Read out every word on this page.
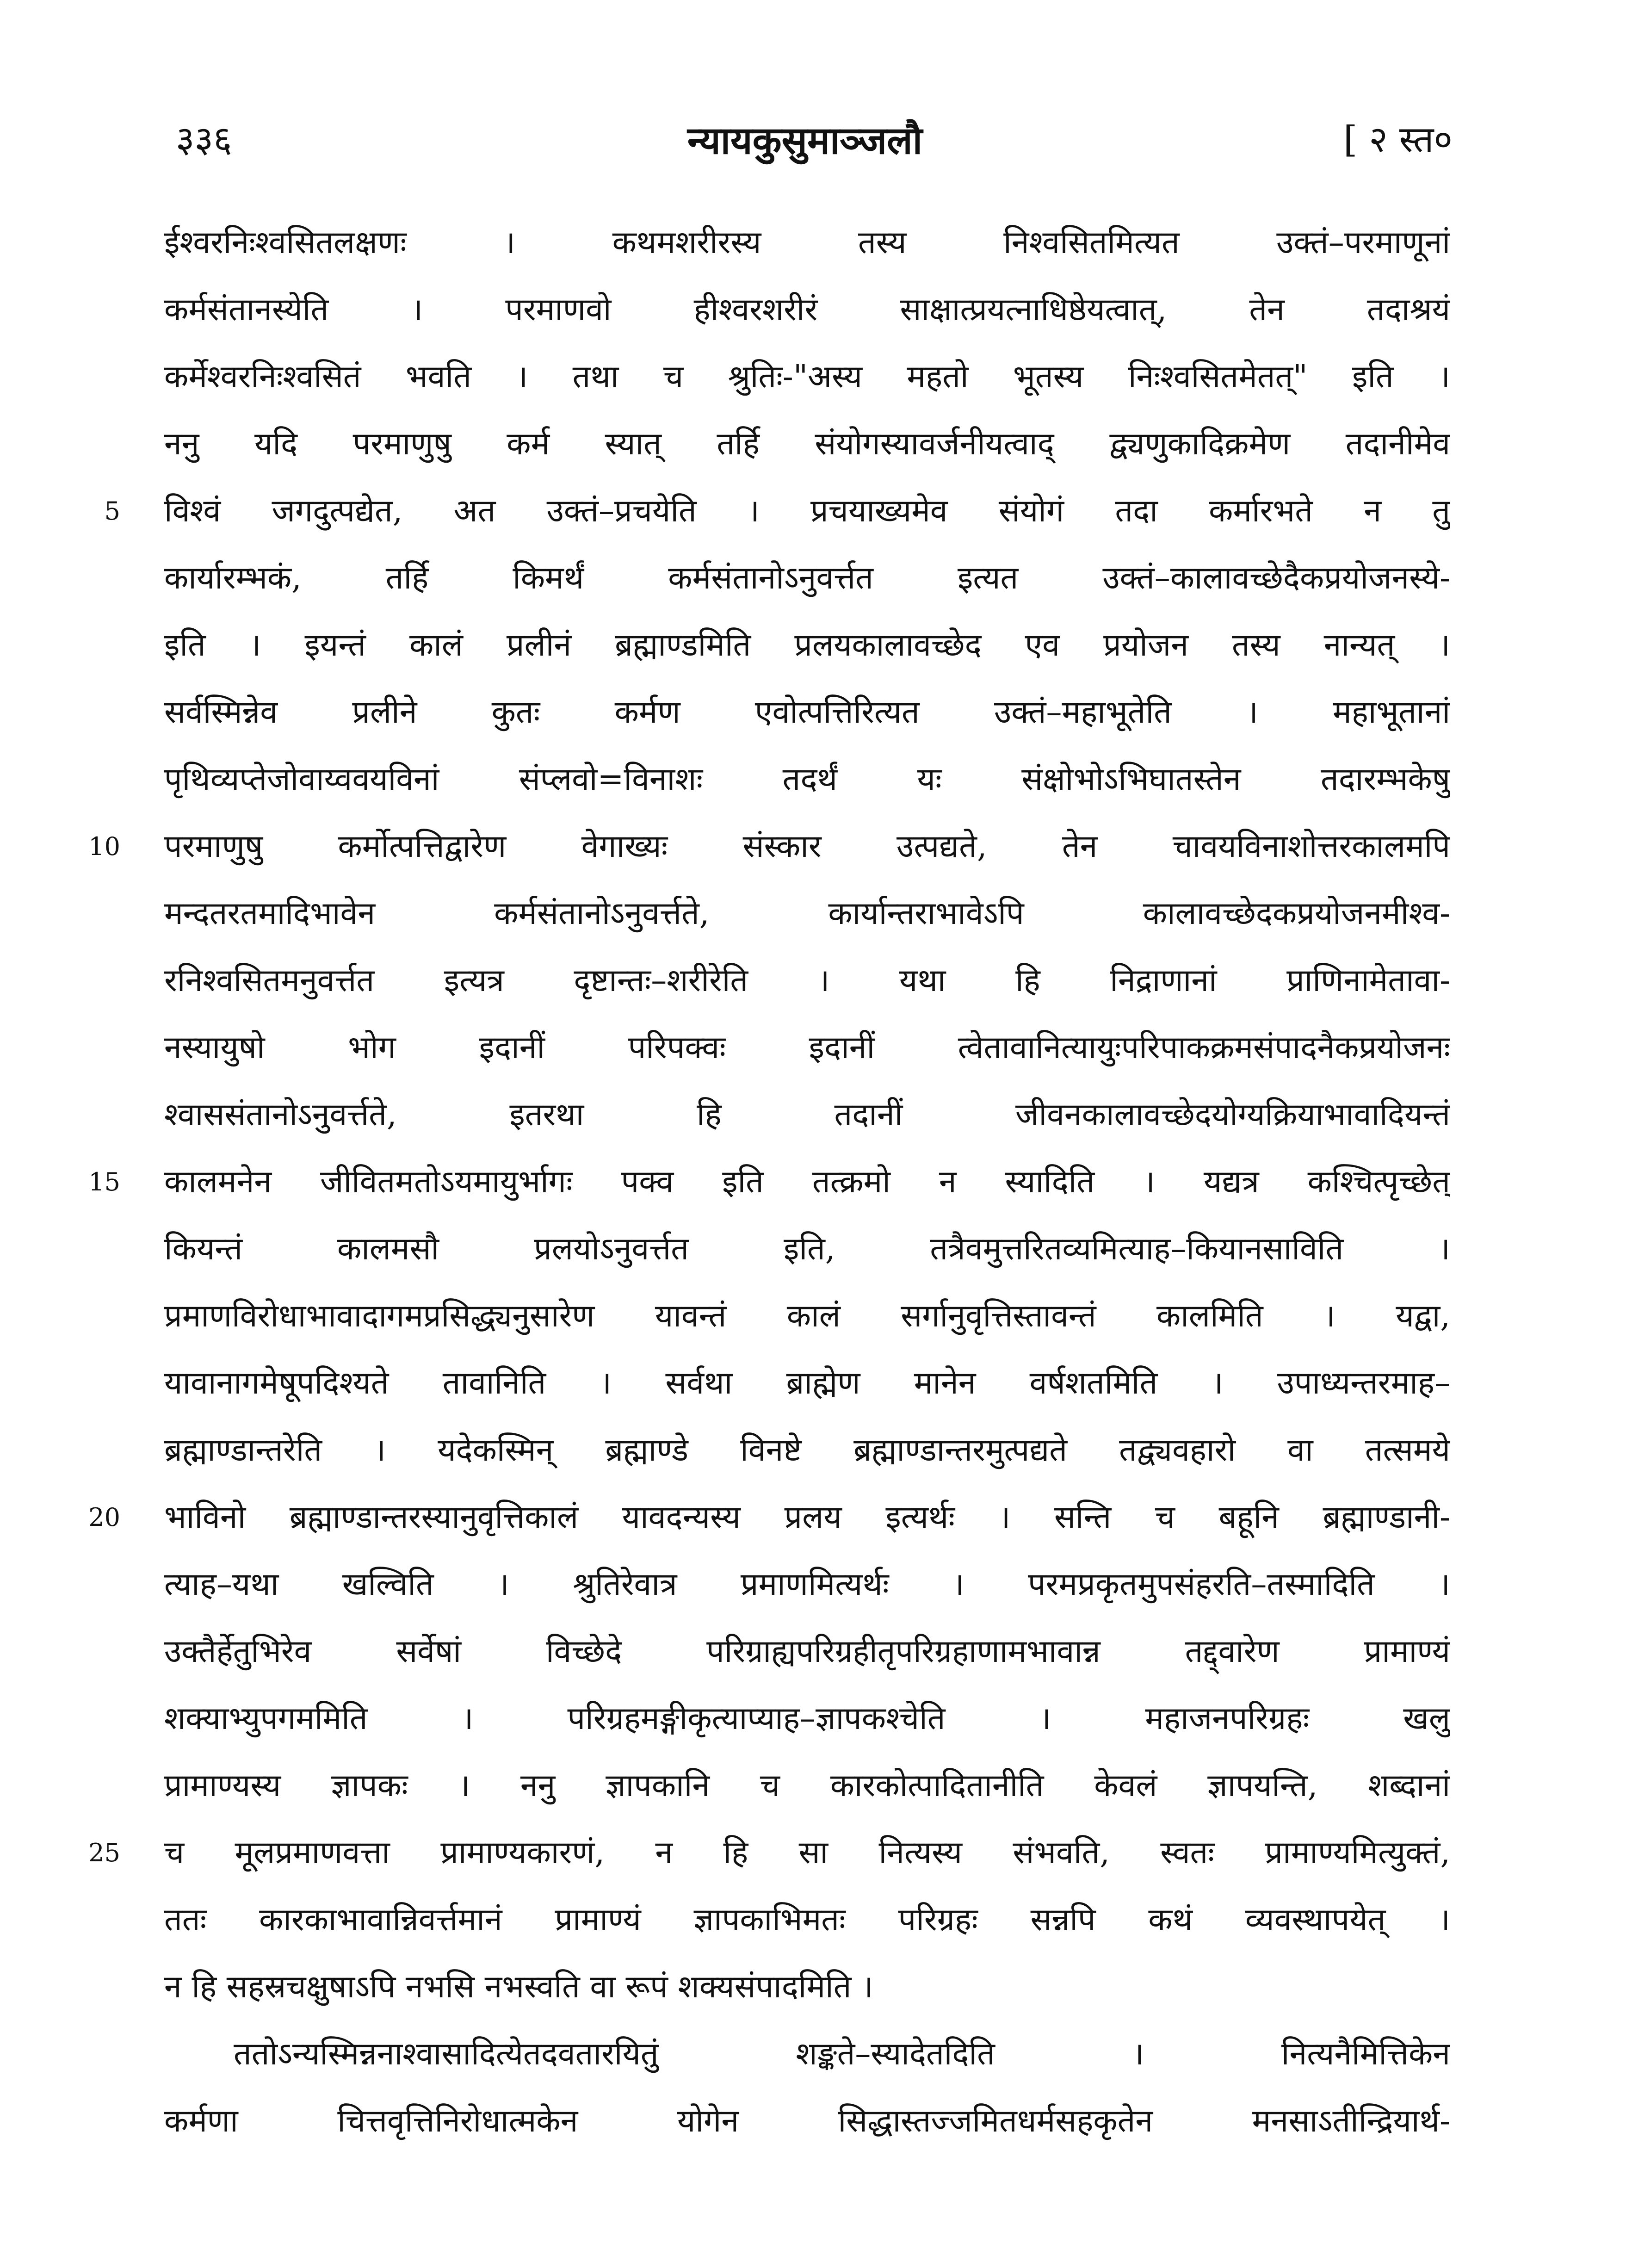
३३६	न्यायकुसुमाञ्जलौ	[ २ स्त०
ईश्वरनिःश्वसितलक्षणः । कथमशरीरस्य तस्य निश्वसितमित्यत उक्तं–परमाणूनां
कर्मसंतानस्येति । परमाणवो हीश्वरशरीरं साक्षात्प्रयत्नाधिष्ठेयत्वात्, तेन तदाश्रयं
कर्मेश्वरनिःश्वसितं भवति । तथा च श्रुतिः-"अस्य महतो भूतस्य निःश्वसितमेतत्" इति ।
ननु यदि परमाणुषु कर्म स्यात् तर्हि संयोगस्यावर्जनीयत्वाद् द्व्यणुकादिक्रमेण तदानीमेव
विश्वं जगदुत्पद्येत, अत उक्तं–प्रचयेति । प्रचयाख्यमेव संयोगं तदा कर्मारभते न तु
कार्यारम्भकं, तर्हि किमर्थं कर्मसंतानोऽनुवर्त्तत इत्यत उक्तं–कालावच्छेदैकप्रयोजनस्ये-
इति । इयन्तं कालं प्रलीनं ब्रह्माण्डमिति प्रलयकालावच्छेद एव प्रयोजन तस्य नान्यत् ।
सर्वस्मिन्नेव प्रलीने कुतः कर्मण एवोत्पत्तिरित्यत उक्तं–महाभूतेति । महाभूतानां
पृथिव्यप्तेजोवाय्ववयविनां संप्लवो=विनाशः तदर्थं यः संक्षोभोऽभिघातस्तेन तदारम्भकेषु
परमाणुषु कर्मोत्पत्तिद्वारेण वेगाख्यः संस्कार उत्पद्यते, तेन चावयविनाशोत्तरकालमपि
मन्दतरतमादिभावेन कर्मसंतानोऽनुवर्त्तते, कार्यान्तराभावेऽपि कालावच्छेदकप्रयोजनमीश्व-
रनिश्वसितमनुवर्त्तत इत्यत्र दृष्टान्तः–शरीरेति । यथा हि निद्राणानां प्राणिनामेतावा-
नस्यायुषो भोग इदानीं परिपक्वः इदानीं त्वेतावानित्यायुःपरिपाकक्रमसंपादनैकप्रयोजनः
श्वाससंतानोऽनुवर्त्तते, इतरथा हि तदानीं जीवनकालावच्छेदयोग्यक्रियाभावादियन्तं
कालमनेन जीवितमतोऽयमायुर्भागः पक्व इति तत्क्रमो न स्यादिति । यद्यत्र कश्चित्पृच्छेत्
कियन्तं कालमसौ प्रलयोऽनुवर्त्तत इति, तत्रैवमुत्तरितव्यमित्याह–कियानसाविति ।
प्रमाणविरोधाभावादागमप्रसिद्ध्यनुसारेण यावन्तं कालं सर्गानुवृत्तिस्तावन्तं कालमिति । यद्वा,
यावानागमेषूपदिश्यते तावानिति । सर्वथा ब्राह्मेण मानेन वर्षशतमिति । उपाध्यन्तरमाह–
ब्रह्माण्डान्तरेति । यदेकस्मिन् ब्रह्माण्डे विनष्टे ब्रह्माण्डान्तरमुत्पद्यते तद्व्यवहारो वा तत्समये
भाविनो ब्रह्माण्डान्तरस्यानुवृत्तिकालं यावदन्यस्य प्रलय इत्यर्थः । सन्ति च बहूनि ब्रह्माण्डानी-
त्याह–यथा खल्विति । श्रुतिरेवात्र प्रमाणमित्यर्थः । परमप्रकृतमुपसंहरति–तस्मादिति ।
उक्तैर्हेतुभिरेव सर्वेषां विच्छेदे परिग्राह्यपरिग्रहीतृपरिग्रहाणामभावान्न तद्द्वारेण प्रामाण्यं
शक्याभ्युपगममिति । परिग्रहमङ्गीकृत्याप्याह–ज्ञापकश्चेति । महाजनपरिग्रहः खलु
प्रामाण्यस्य ज्ञापकः । ननु ज्ञापकानि च कारकोत्पादितानीति केवलं ज्ञापयन्ति, शब्दानां
च मूलप्रमाणवत्ता प्रामाण्यकारणं, न हि सा नित्यस्य संभवति, स्वतः प्रामाण्यमित्युक्तं,
ततः कारकाभावान्निवर्त्तमानं प्रामाण्यं ज्ञापकाभिमतः परिग्रहः सन्नपि कथं व्यवस्थापयेत् ।
न हि सहस्रचक्षुषाऽपि नभसि नभस्वति वा रूपं शक्यसंपादमिति ।
ततोऽन्यस्मिन्ननाश्वासादित्येतदवतारयितुं शङ्कते–स्यादेतदिति । नित्यनैमित्तिकेन
कर्मणा चित्तवृत्तिनिरोधात्मकेन योगेन सिद्धास्तज्जमितधर्मसहकृतेन मनसाऽतीन्द्रियार्थ-
5
10
15
20
25
